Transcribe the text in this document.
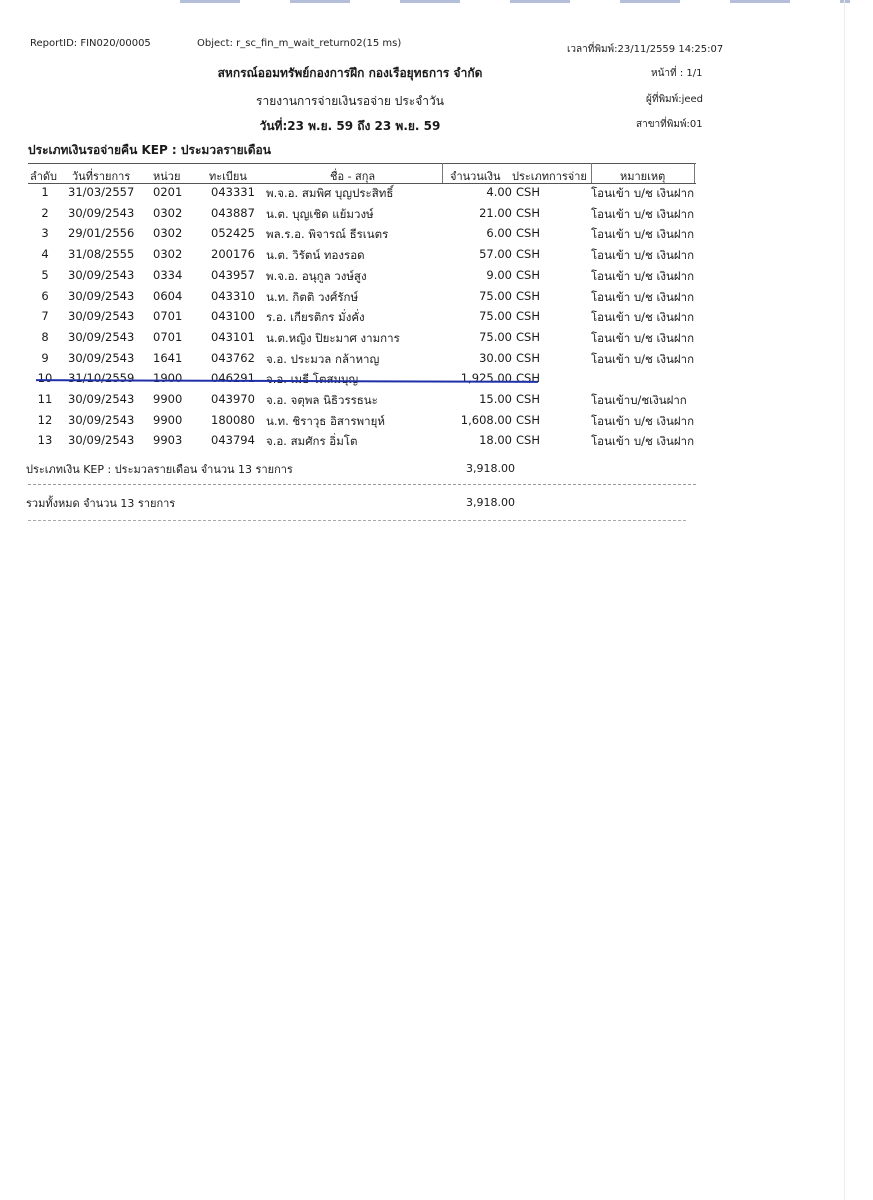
ReportID: FIN020/00005	Object: r_sc_fin_m_wait_return02(15 ms)
เวลาที่พิมพ์:23/11/2559 14:25:07
หน้าที่ : 1/1
ผู้ที่พิมพ์:jeed
สาขาที่พิมพ์:01
สหกรณ์ออมทรัพย์กองการฝึก กองเรือยุทธการ จำกัด
รายงานการจ่ายเงินรอจ่าย ประจำวัน
วันที่:23 พ.ย. 59 ถึง 23 พ.ย. 59
ประเภทเงินรอจ่ายคืน KEP : ประมวลรายเดือน
ลำดับ วันที่รายการ หน่วย	ทะเบียน	ชื่อ - สกุล	จำนวนเงิน ประเภทการจ่าย	หมายเหตุ
1	31/03/2557 0201 043331 พ.จ.อ. สมพิศ บุญประสิทธิ์	4.00 CSH	โอนเข้า บ/ช เงินฝาก
2	30/09/2543 0302 043887 น.ต. บุญเชิด แย้มวงษ์	21.00 CSH	โอนเข้า บ/ช เงินฝาก
3	29/01/2556 0302 052425 พล.ร.อ. พิจารณ์ ธีรเนตร	6.00 CSH	โอนเข้า บ/ช เงินฝาก
4	31/08/2555 0302 200176 น.ต. วิรัตน์ ทองรอด	57.00 CSH	โอนเข้า บ/ช เงินฝาก
5	30/09/2543 0334 043957 พ.จ.อ. อนุกูล วงษ์สูง	9.00 CSH	โอนเข้า บ/ช เงินฝาก
6	30/09/2543 0604 043310 น.ท. กิตติ วงศ์รักษ์	75.00 CSH	โอนเข้า บ/ช เงินฝาก
7	30/09/2543 0701 043100 ร.อ. เกียรติกร มั่งคั่ง	75.00 CSH	โอนเข้า บ/ช เงินฝาก
8	30/09/2543 0701 043101 น.ต.หญิง ปิยะมาศ งามการ	75.00 CSH	โอนเข้า บ/ช เงินฝาก
9	30/09/2543 1641 043762 จ.อ. ประมวล กล้าหาญ	30.00 CSH	โอนเข้า บ/ช เงินฝาก
10	31/10/2559 1900 046291 จ.อ. เมธี โตสมบุญ	1,925.00 CSH
11	30/09/2543 9900 043970 จ.อ. จตุพล นิธิวรรธนะ	15.00 CSH	โอนเข้าบ/ชเงินฝาก
12	30/09/2543 9900 180080 น.ท. ชิราวุธ อิสารพายุห์	1,608.00 CSH	โอนเข้า บ/ช เงินฝาก
13	30/09/2543 9903 043794 จ.อ. สมศักร อิ่มโต	18.00 CSH	โอนเข้า บ/ช เงินฝาก
ประเภทเงิน KEP : ประมวลรายเดือน จำนวน 13 รายการ	3,918.00
รวมทั้งหมด จำนวน 13 รายการ	3,918.00
